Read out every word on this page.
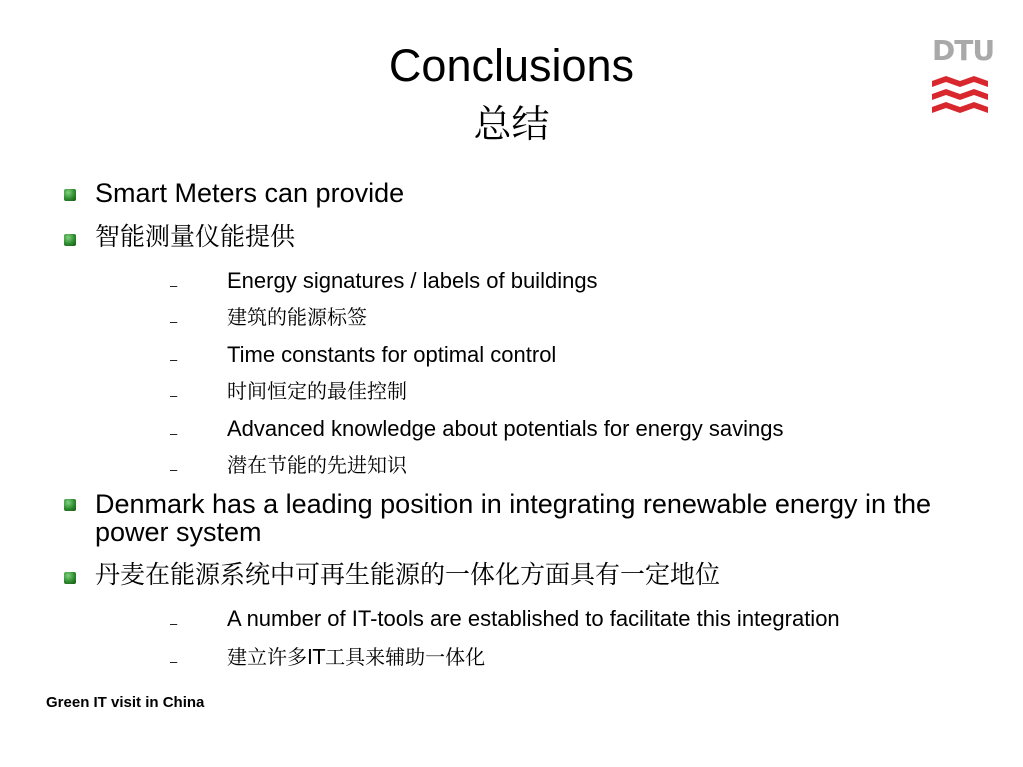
Conclusions
总结
DTU
Smart Meters can provide
智能测量仪能提供
– Energy signatures / labels of buildings
– 建筑的能源标签
– Time constants for optimal control
– 时间恒定的最佳控制
– Advanced knowledge about potentials for energy savings
– 潜在节能的先进知识
Denmark has a leading position in integrating renewable energy in the power system
丹麦在能源系统中可再生能源的一体化方面具有一定地位
– A number of IT-tools are established to facilitate this integration
– 建立许多IT工具来辅助一体化
Green IT visit in China
